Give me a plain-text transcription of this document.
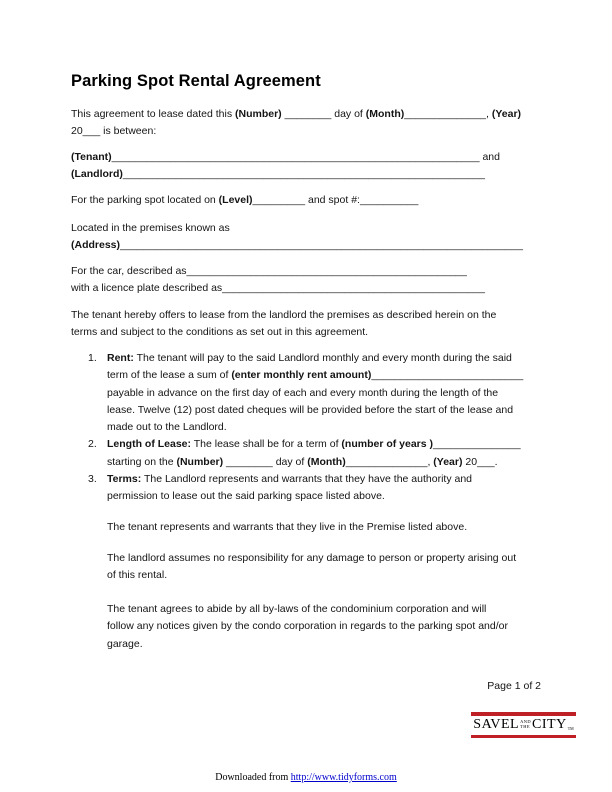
Parking Spot Rental Agreement
This agreement to lease dated this (Number) ________ day of (Month)______________, (Year)
20___ is between:
(Tenant)_______________________________________________________________ and
(Landlord)______________________________________________________________
For the parking spot located on (Level)_________ and spot #:__________
Located in the premises known as
(Address)_____________________________________________________________________
For the car, described as________________________________________________
with a licence plate described as_____________________________________________
The tenant hereby offers to lease from the landlord the premises as described herein on the
terms and subject to the conditions as set out in this agreement.
1. Rent: The tenant will pay to the said Landlord monthly and every month during the said
term of the lease a sum of (enter monthly rent amount)__________________________
payable in advance on the first day of each and every month during the length of the
lease. Twelve (12) post dated cheques will be provided before the start of the lease and
made out to the Landlord.
2. Length of Lease: The lease shall be for a term of (number of years )_______________
starting on the (Number) ________ day of (Month)______________, (Year) 20___.
3. Terms: The Landlord represents and warrants that they have the authority and
permission to lease out the said parking space listed above.
The tenant represents and warrants that they live in the Premise listed above.
The landlord assumes no responsibility for any damage to person or property arising out
of this rental.
The tenant agrees to abide by all by-laws of the condominium corporation and will
follow any notices given by the condo corporation in regards to the parking spot and/or
garage.
Page 1 of 2
SAVEL AND
THE CITY TM
Downloaded from http://www.tidyforms.com
